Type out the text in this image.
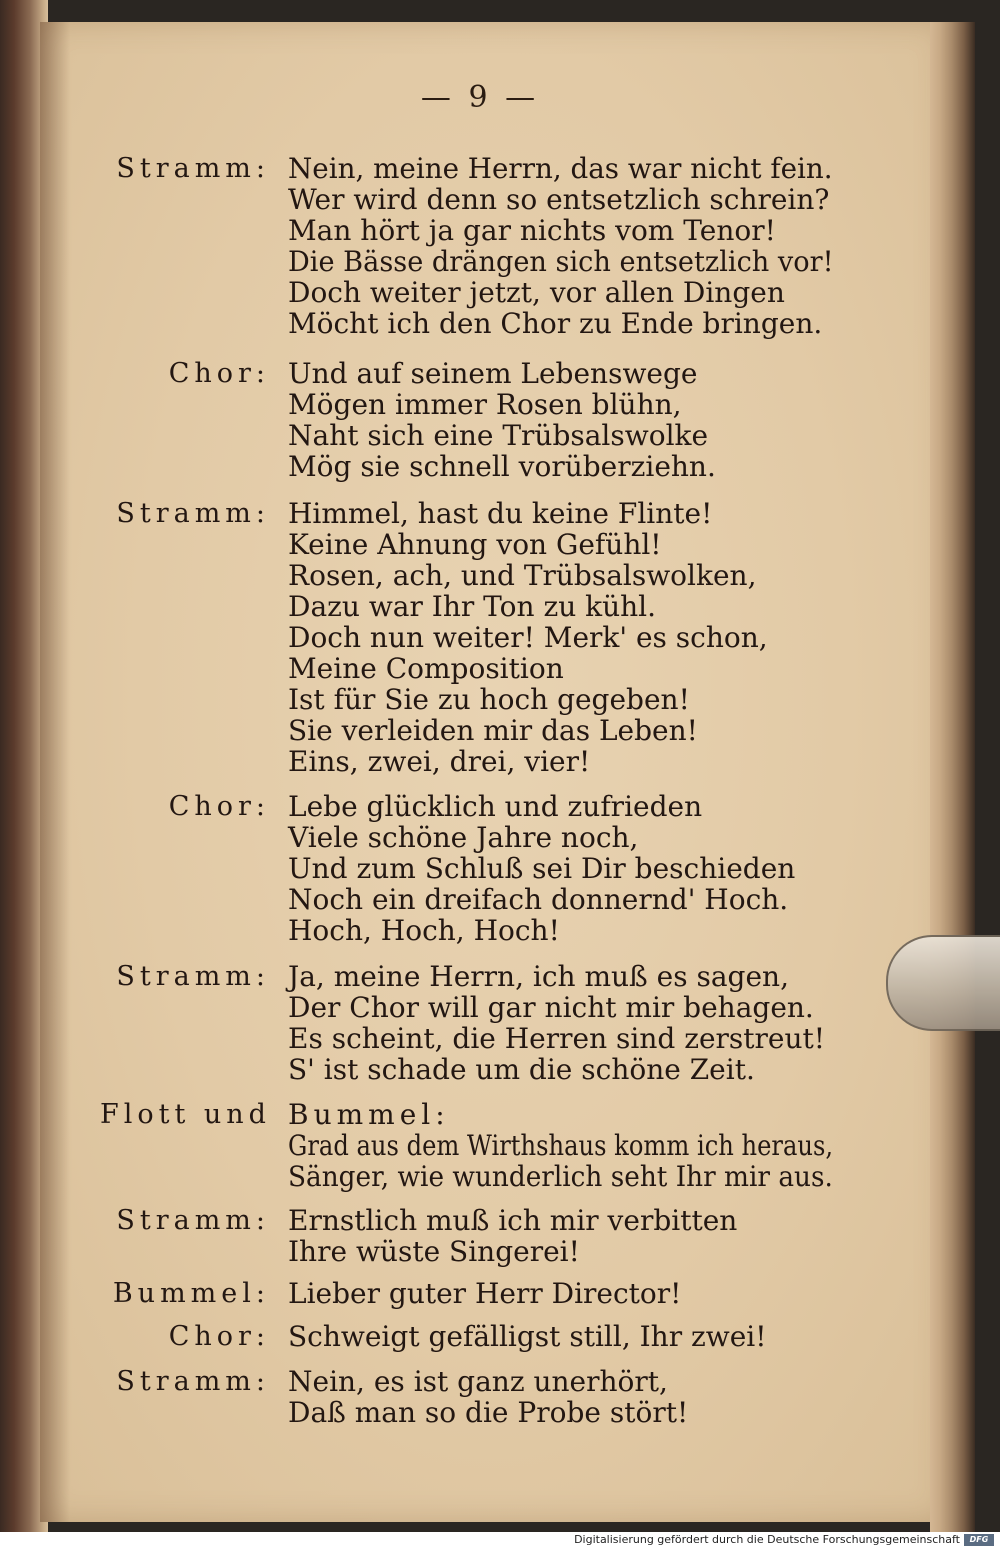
— 9 —
Stramm: Nein, meine Herrn, das war nicht fein.
Wer wird denn so entsetzlich schrein?
Man hört ja gar nichts vom Tenor!
Die Bässe drängen sich entsetzlich vor!
Doch weiter jetzt, vor allen Dingen
Möcht ich den Chor zu Ende bringen.
Chor: Und auf seinem Lebenswege
Mögen immer Rosen blühn,
Naht sich eine Trübsalswolke
Mög sie schnell vorüberziehn.
Stramm: Himmel, hast du keine Flinte!
Keine Ahnung von Gefühl!
Rosen, ach, und Trübsalswolken,
Dazu war Ihr Ton zu kühl.
Doch nun weiter! Merk' es schon,
Meine Composition
Ist für Sie zu hoch gegeben!
Sie verleiden mir das Leben!
Eins, zwei, drei, vier!
Chor: Lebe glücklich und zufrieden
Viele schöne Jahre noch,
Und zum Schluß sei Dir beschieden
Noch ein dreifach donnernd' Hoch.
Hoch, Hoch, Hoch!
Stramm: Ja, meine Herrn, ich muß es sagen,
Der Chor will gar nicht mir behagen.
Es scheint, die Herren sind zerstreut!
S' ist schade um die schöne Zeit.
Flott und Bummel:
Grad aus dem Wirthshaus komm ich heraus,
Sänger, wie wunderlich seht Ihr mir aus.
Stramm: Ernstlich muß ich mir verbitten
Ihre wüste Singerei!
Bummel: Lieber guter Herr Director!
Chor: Schweigt gefälligst still, Ihr zwei!
Stramm: Nein, es ist ganz unerhört,
Daß man so die Probe stört!
Digitalisierung gefördert durch die Deutsche Forschungsgemeinschaft	DFG
